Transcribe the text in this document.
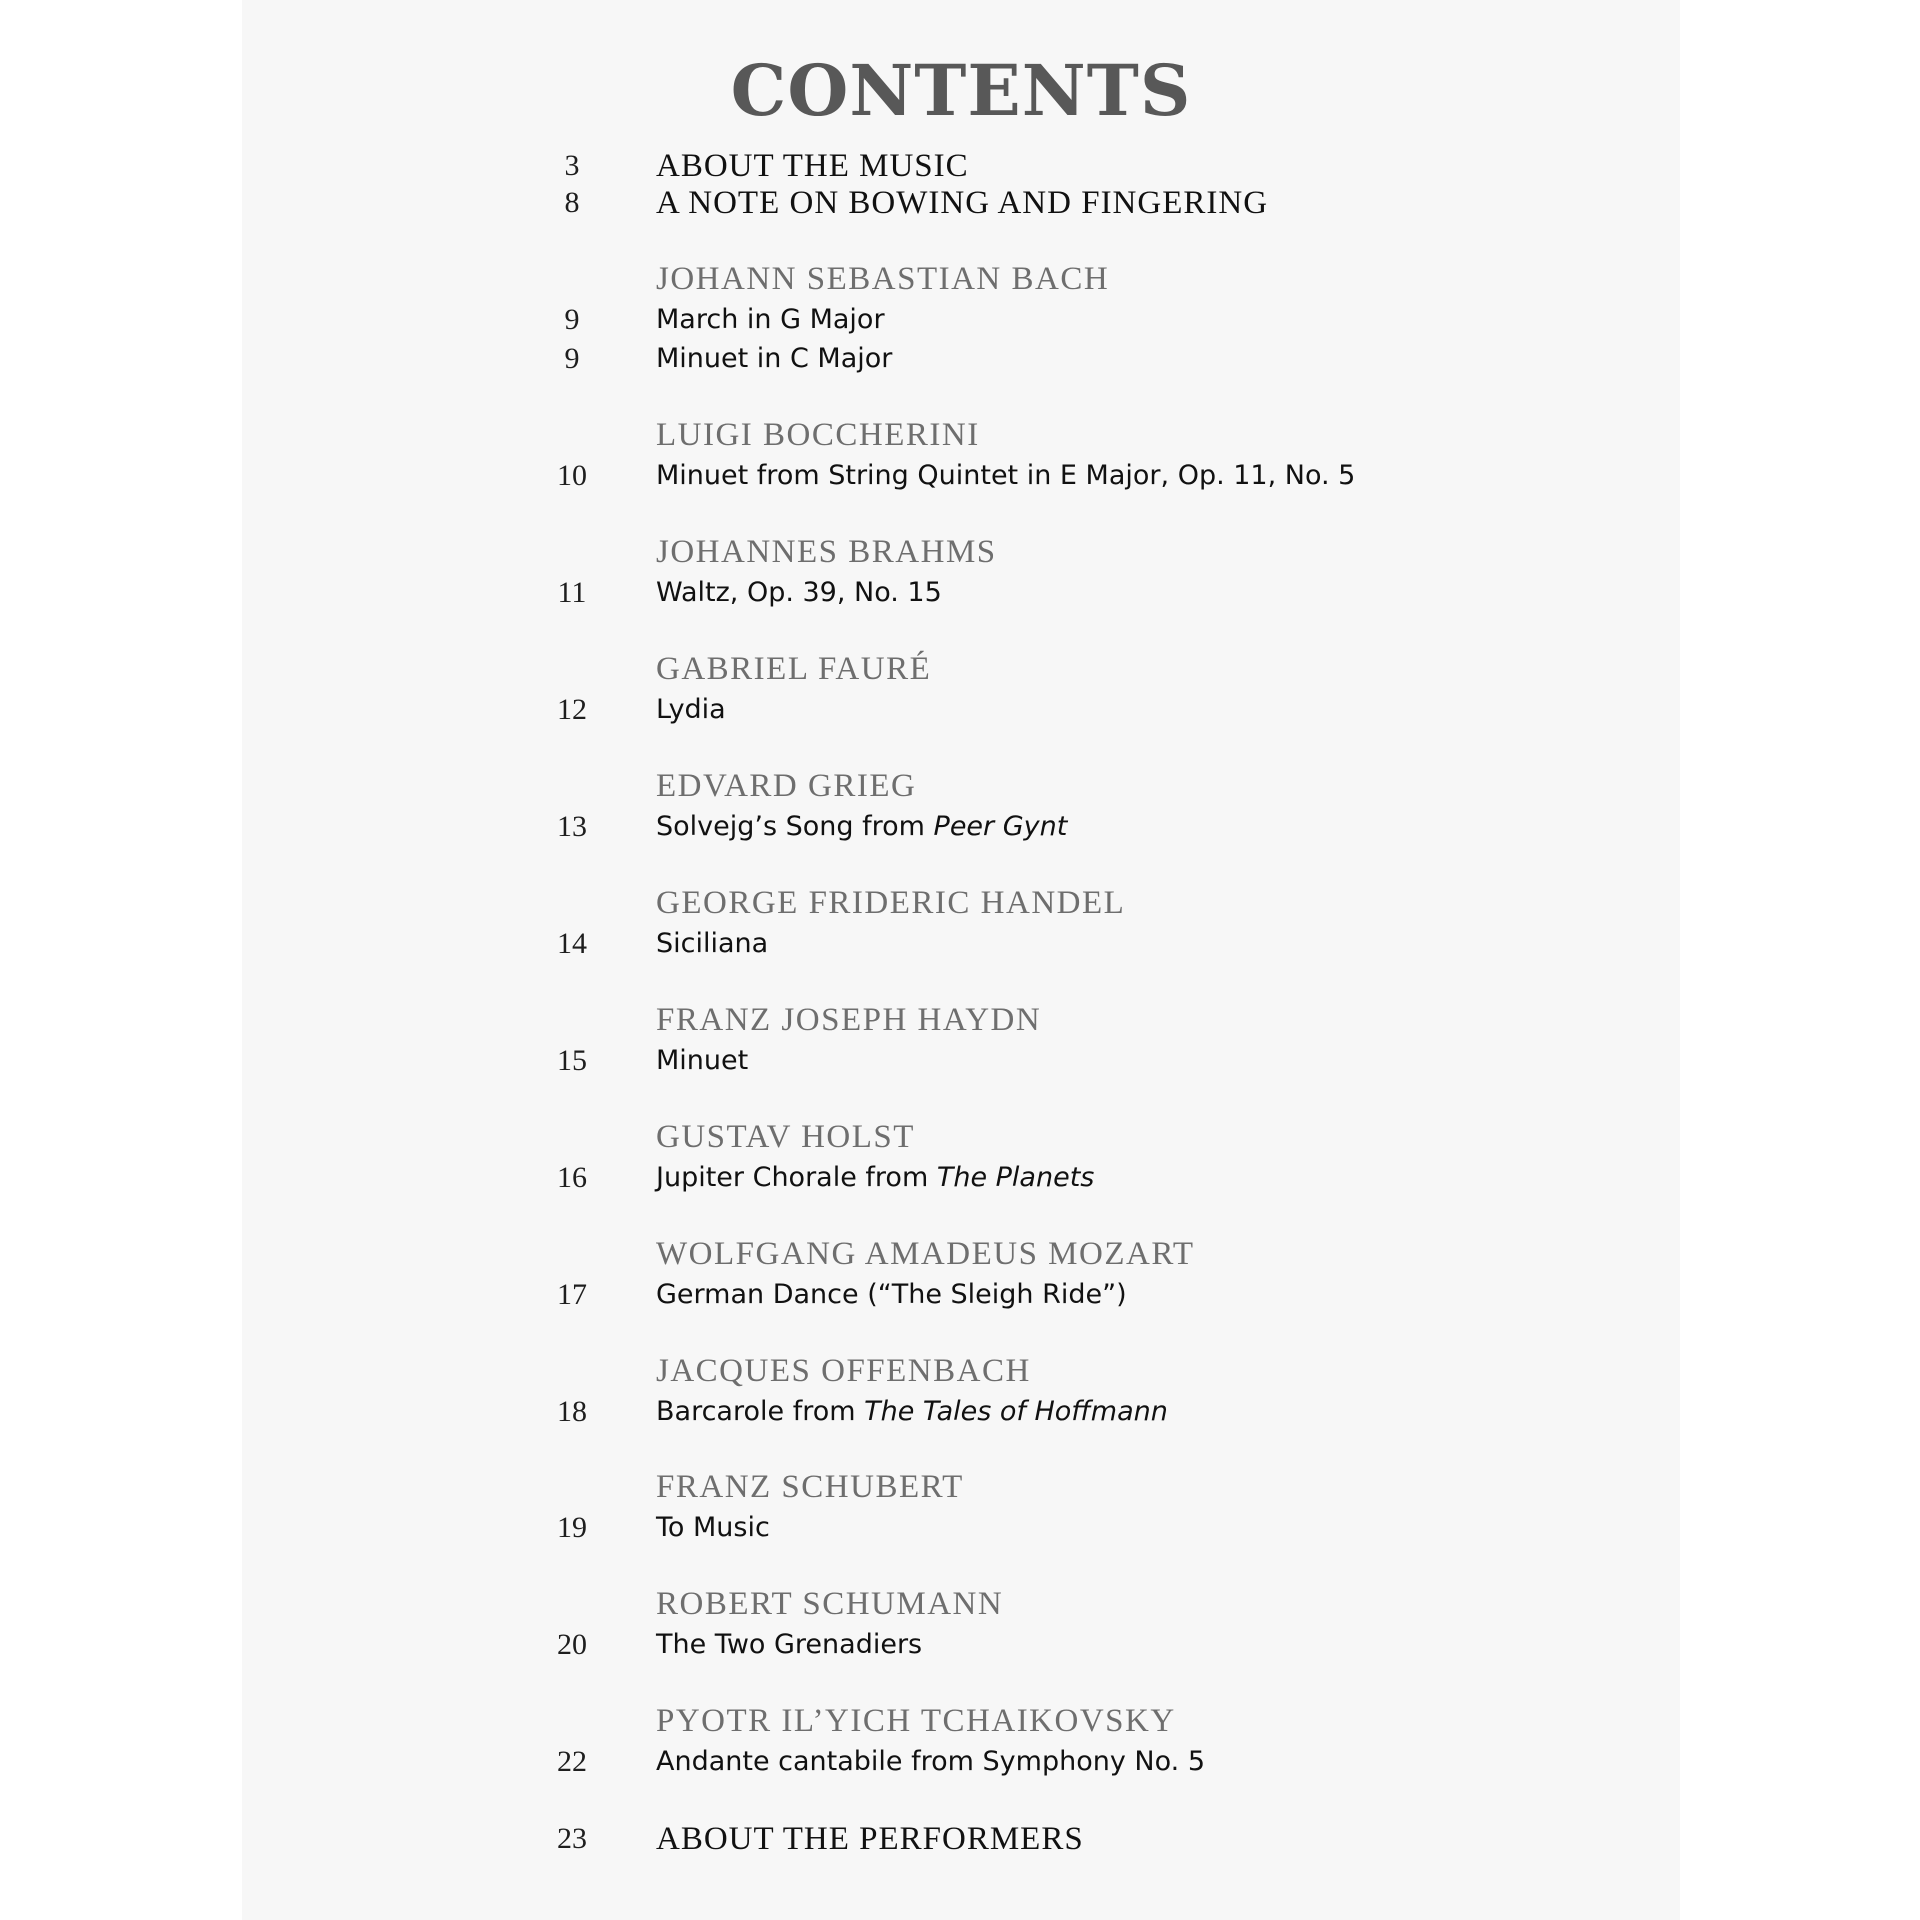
CONTENTS
3	ABOUT THE MUSIC
8	A NOTE ON BOWING AND FINGERING
JOHANN SEBASTIAN BACH
9	March in G Major
9	Minuet in C Major
LUIGI BOCCHERINI
10	Minuet from String Quintet in E Major, Op. 11, No. 5
JOHANNES BRAHMS
11	Waltz, Op. 39, No. 15
GABRIEL FAURÉ
12	Lydia
EDVARD GRIEG
13	Solvejg’s Song from Peer Gynt
GEORGE FRIDERIC HANDEL
14	Siciliana
FRANZ JOSEPH HAYDN
15	Minuet
GUSTAV HOLST
16	Jupiter Chorale from The Planets
WOLFGANG AMADEUS MOZART
17	German Dance (“The Sleigh Ride”)
JACQUES OFFENBACH
18	Barcarole from The Tales of Hoffmann
FRANZ SCHUBERT
19	To Music
ROBERT SCHUMANN
20	The Two Grenadiers
PYOTR IL’YICH TCHAIKOVSKY
22	Andante cantabile from Symphony No. 5
23	ABOUT THE PERFORMERS
